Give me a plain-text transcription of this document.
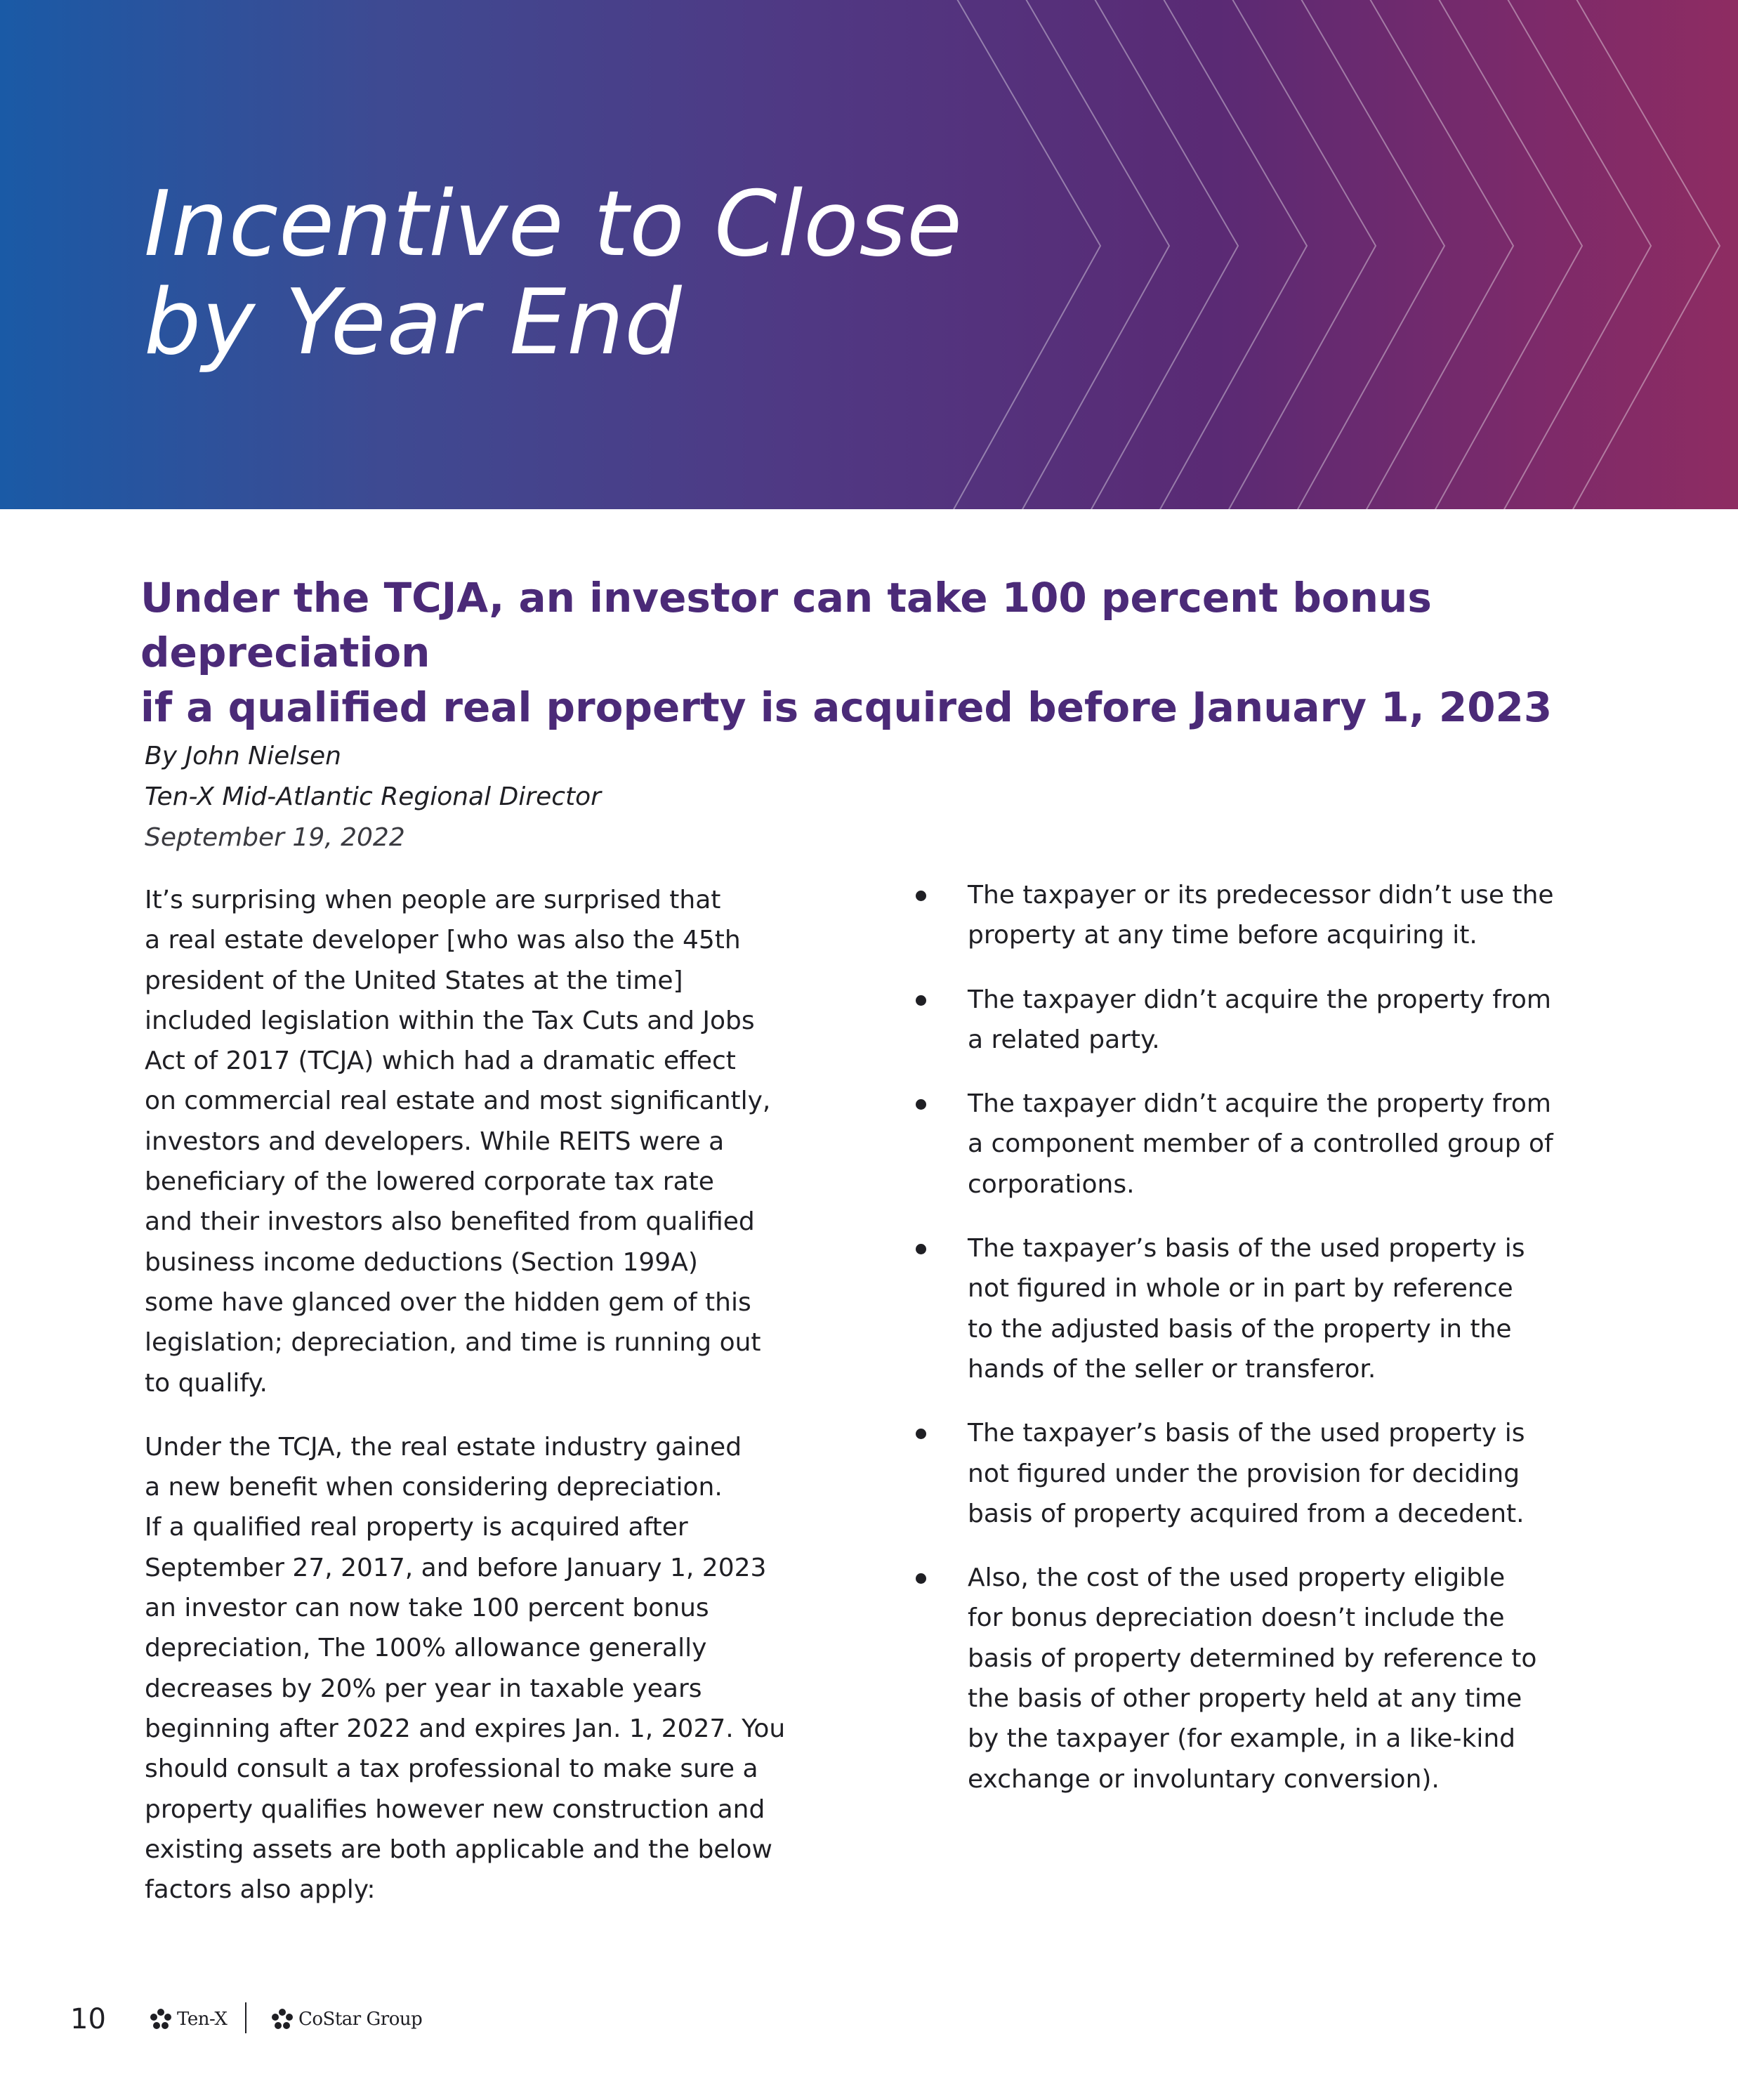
Incentive to Close
by Year End
Under the TCJA, an investor can take 100 percent bonus depreciation
if a qualified real property is acquired before January 1, 2023
By John Nielsen
Ten-X Mid-Atlantic Regional Director
September 19, 2022

It’s surprising when people are surprised that
a real estate developer [who was also the 45th
president of the United States at the time]
included legislation within the Tax Cuts and Jobs
Act of 2017 (TCJA) which had a dramatic effect
on commercial real estate and most significantly,
investors and developers. While REITS were a
beneficiary of the lowered corporate tax rate
and their investors also benefited from qualified
business income deductions (Section 199A)
some have glanced over the hidden gem of this
legislation; depreciation, and time is running out
to qualify.

Under the TCJA, the real estate industry gained
a new benefit when considering depreciation.
If a qualified real property is acquired after
September 27, 2017, and before January 1, 2023
an investor can now take 100 percent bonus
depreciation, The 100% allowance generally
decreases by 20% per year in taxable years
beginning after 2022 and expires Jan. 1, 2027. You
should consult a tax professional to make sure a
property qualifies however new construction and
existing assets are both applicable and the below
factors also apply:

The taxpayer or its predecessor didn’t use the
property at any time before acquiring it.
The taxpayer didn’t acquire the property from
a related party.
The taxpayer didn’t acquire the property from
a component member of a controlled group of
corporations.
The taxpayer’s basis of the used property is
not figured in whole or in part by reference
to the adjusted basis of the property in the
hands of the seller or transferor.
The taxpayer’s basis of the used property is
not figured under the provision for deciding
basis of property acquired from a decedent.
Also, the cost of the used property eligible
for bonus depreciation doesn’t include the
basis of property determined by reference to
the basis of other property held at any time
by the taxpayer (for example, in a like-kind
exchange or involuntary conversion).
10	Ten-X	CoStar Group
